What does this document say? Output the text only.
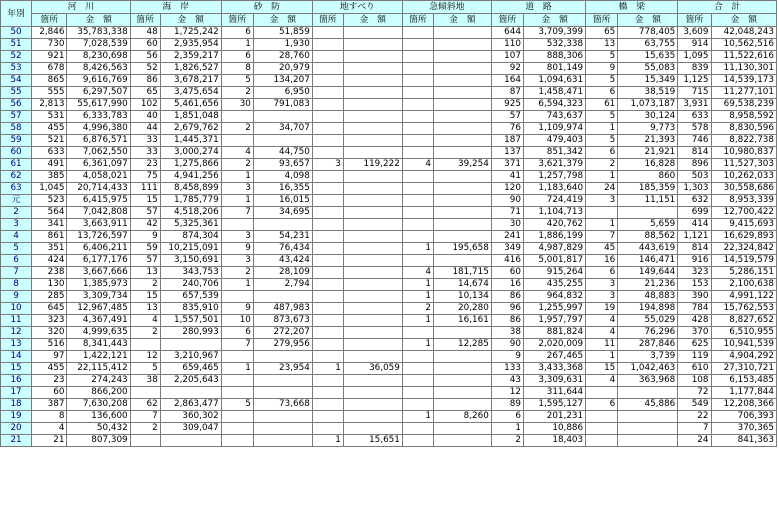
年別	河　川		海　岸		砂　防		地すべり		急傾斜地		道　路		橋　梁		合　計	
	箇所	金　額	箇所	金　額	箇所	金　額	箇所	金　額	箇所	金　額	箇所	金　額	箇所	金　額	箇所	金　額
50	2,846	35,783,338	48	1,725,242	6	51,859					644	3,709,399	65	778,405	3,609	42,048,243
51	730	7,028,539	60	2,935,954	1	1,930					110	532,338	13	63,755	914	10,562,516
52	921	8,230,698	56	2,359,217	6	28,760					107	888,306	5	15,635	1,095	11,522,616
53	678	8,426,563	52	1,826,527	8	20,979					92	801,149	9	55,083	839	11,130,301
54	865	9,616,769	86	3,678,217	5	134,207					164	1,094,631	5	15,349	1,125	14,539,173
55	555	6,297,507	65	3,475,654	2	6,950					87	1,458,471	6	38,519	715	11,277,101
56	2,813	55,617,990	102	5,461,656	30	791,083					925	6,594,323	61	1,073,187	3,931	69,538,239
57	531	6,333,783	40	1,851,048							57	743,637	5	30,124	633	8,958,592
58	455	4,996,380	44	2,679,762	2	34,707					76	1,109,974	1	9,773	578	8,830,596
59	521	6,876,571	33	1,445,371							187	479,403	5	21,393	746	8,822,738
60	633	7,062,550	33	3,000,274	4	44,750					137	851,342	6	21,921	814	10,980,837
61	491	6,361,097	23	1,275,866	2	93,657	3	119,222	4	39,254	371	3,621,379	2	16,828	896	11,527,303
62	385	4,058,021	75	4,941,256	1	4,098					41	1,257,798	1	860	503	10,262,033
63	1,045	20,714,433	111	8,458,899	3	16,355					120	1,183,640	24	185,359	1,303	30,558,686
元	523	6,415,975	15	1,785,779	1	16,015					90	724,419	3	11,151	632	8,953,339
2	564	7,042,808	57	4,518,206	7	34,695					71	1,104,713			699	12,700,422
3	341	3,663,911	42	5,325,361							30	420,762	1	5,659	414	9,415,693
4	861	13,726,597	9	874,304	3	54,231					241	1,886,199	7	88,562	1,121	16,629,893
5	351	6,406,211	59	10,215,091	9	76,434			1	195,658	349	4,987,829	45	443,619	814	22,324,842
6	424	6,177,176	57	3,150,691	3	43,424					416	5,001,817	16	146,471	916	14,519,579
7	238	3,667,666	13	343,753	2	28,109			4	181,715	60	915,264	6	149,644	323	5,286,151
8	130	1,385,973	2	240,706	1	2,794			1	14,674	16	435,255	3	21,236	153	2,100,638
9	285	3,309,734	15	657,539					1	10,134	86	964,832	3	48,883	390	4,991,122
10	645	12,967,485	13	835,910	9	487,983			2	20,280	96	1,255,997	19	194,898	784	15,762,553
11	323	4,367,491	4	1,557,501	10	873,673			1	16,161	86	1,957,797	4	55,029	428	8,827,652
12	320	4,999,635	2	280,993	6	272,207					38	881,824	4	76,296	370	6,510,955
13	516	8,341,443			7	279,956			1	12,285	90	2,020,009	11	287,846	625	10,941,539
14	97	1,422,121	12	3,210,967							9	267,465	1	3,739	119	4,904,292
15	455	22,115,412	5	659,465	1	23,954	1	36,059			133	3,433,368	15	1,042,463	610	27,310,721
16	23	274,243	38	2,205,643							43	3,309,631	4	363,968	108	6,153,485
17	60	866,200									12	311,644			72	1,177,844
18	387	7,630,208	62	2,863,477	5	73,668					89	1,595,127	6	45,886	549	12,208,366
19	8	136,600	7	360,302					1	8,260	6	201,231			22	706,393
20	4	50,432	2	309,047							1	10,886			7	370,365
21	21	807,309					1	15,651			2	18,403			24	841,363
